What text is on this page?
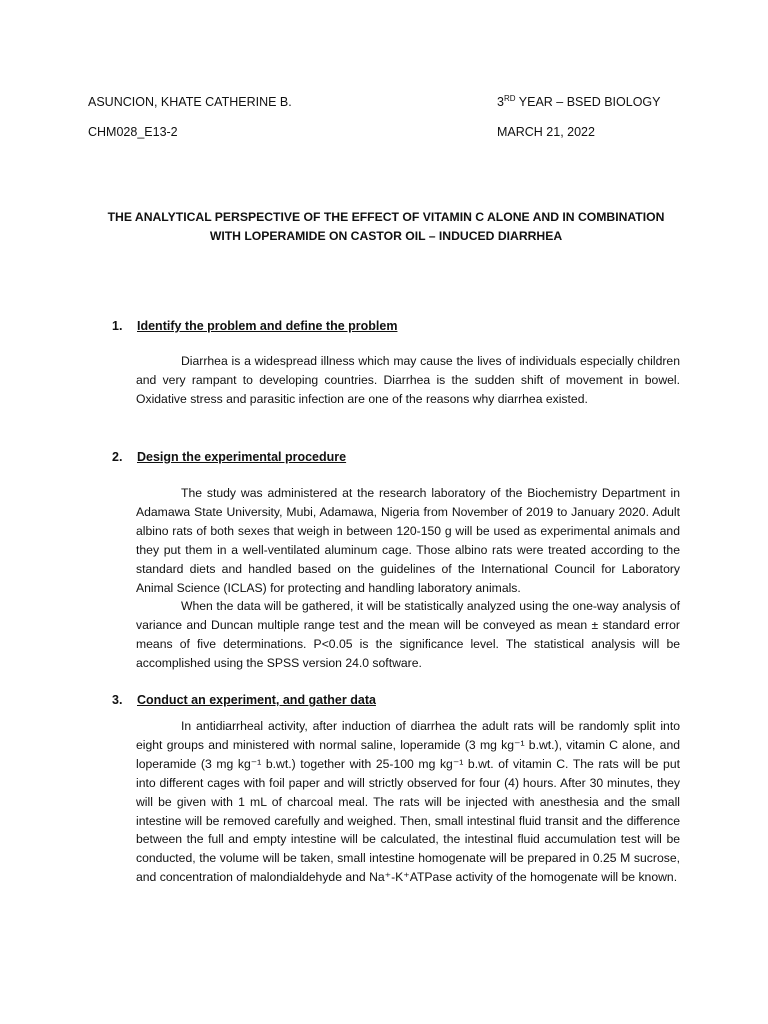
ASUNCION, KHATE CATHERINE B.	3RD YEAR – BSED BIOLOGY
CHM028_E13-2	MARCH 21, 2022
THE ANALYTICAL PERSPECTIVE OF THE EFFECT OF VITAMIN C ALONE AND IN COMBINATION WITH LOPERAMIDE ON CASTOR OIL – INDUCED DIARRHEA
1. Identify the problem and define the problem

Diarrhea is a widespread illness which may cause the lives of individuals especially children and very rampant to developing countries. Diarrhea is the sudden shift of movement in bowel. Oxidative stress and parasitic infection are one of the reasons why diarrhea existed.

2. Design the experimental procedure

The study was administered at the research laboratory of the Biochemistry Department in Adamawa State University, Mubi, Adamawa, Nigeria from November of 2019 to January 2020. Adult albino rats of both sexes that weigh in between 120-150 g will be used as experimental animals and they put them in a well-ventilated aluminum cage. Those albino rats were treated according to the standard diets and handled based on the guidelines of the International Council for Laboratory Animal Science (ICLAS) for protecting and handling laboratory animals.

When the data will be gathered, it will be statistically analyzed using the one-way analysis of variance and Duncan multiple range test and the mean will be conveyed as mean ± standard error means of five determinations. P<0.05 is the significance level. The statistical analysis will be accomplished using the SPSS version 24.0 software.

3. Conduct an experiment, and gather data

In antidiarrheal activity, after induction of diarrhea the adult rats will be randomly split into eight groups and ministered with normal saline, loperamide (3 mg kg⁻¹ b.wt.), vitamin C alone, and loperamide (3 mg kg⁻¹ b.wt.) together with 25-100 mg kg⁻¹ b.wt. of vitamin C. The rats will be put into different cages with foil paper and will strictly observed for four (4) hours. After 30 minutes, they will be given with 1 mL of charcoal meal. The rats will be injected with anesthesia and the small intestine will be removed carefully and weighed. Then, small intestinal fluid transit and the difference between the full and empty intestine will be calculated, the intestinal fluid accumulation test will be conducted, the volume will be taken, small intestine homogenate will be prepared in 0.25 M sucrose, and concentration of malondialdehyde and Na⁺-K⁺ATPase activity of the homogenate will be known.
